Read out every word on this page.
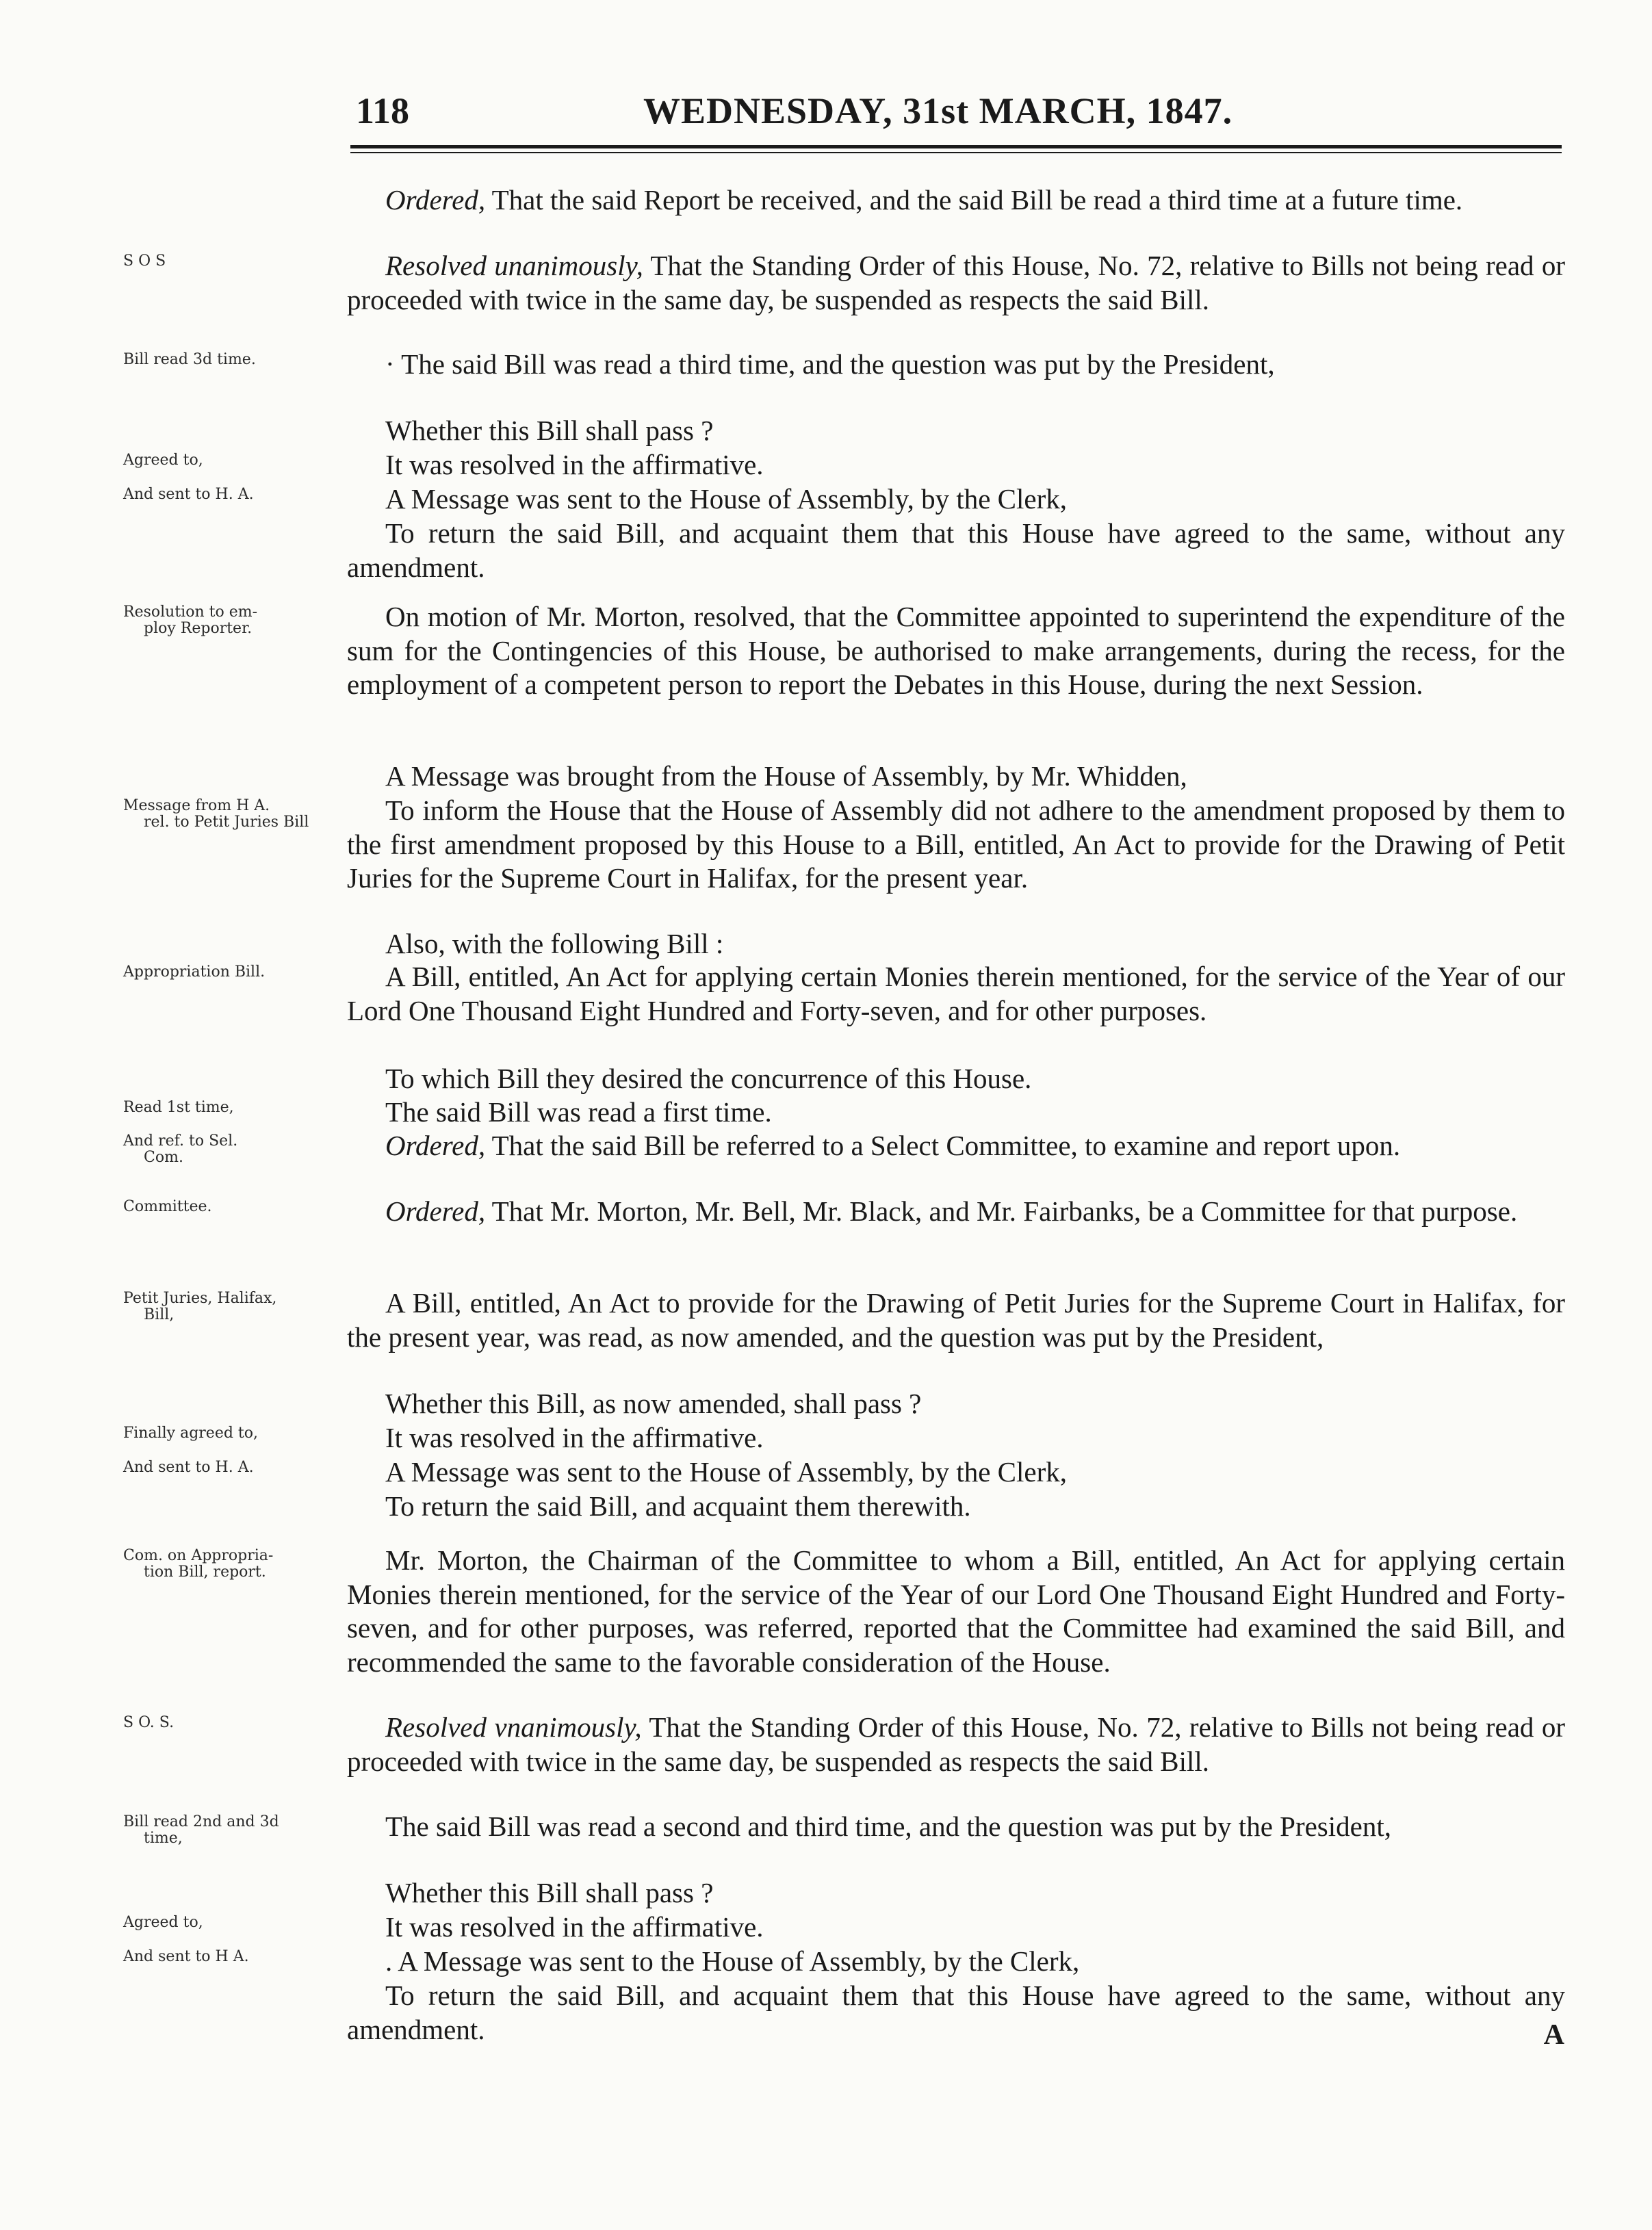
118	WEDNESDAY, 31st MARCH, 1847.

Ordered, That the said Report be received, and the said Bill be read a third time at a future time.

S O S	Resolved unanimously, That the Standing Order of this House, No. 72, relative to Bills not being read or proceeded with twice in the same day, be suspended as respects the said Bill.

Bill read 3d time.	· The said Bill was read a third time, and the question was put by the President,

Whether this Bill shall pass ?

Agreed to,	It was resolved in the affirmative.

And sent to H. A.	A Message was sent to the House of Assembly, by the Clerk,

To return the said Bill, and acquaint them that this House have agreed to the same, without any amendment.

Resolution to em-
ploy Reporter.	On motion of Mr. Morton, resolved, that the Committee appointed to superintend the expenditure of the sum for the Contingencies of this House, be authorised to make arrangements, during the recess, for the employment of a competent person to report the Debates in this House, during the next Session.

A Message was brought from the House of Assembly, by Mr. Whidden,

Message from H A.
rel. to Petit Juries Bill	To inform the House that the House of Assembly did not adhere to the amendment proposed by them to the first amendment proposed by this House to a Bill, entitled, An Act to provide for the Drawing of Petit Juries for the Supreme Court in Halifax, for the present year.

Also, with the following Bill :

Appropriation Bill.	A Bill, entitled, An Act for applying certain Monies therein mentioned, for the service of the Year of our Lord One Thousand Eight Hundred and Forty-seven, and for other purposes.

To which Bill they desired the concurrence of this House.

Read 1st time,	The said Bill was read a first time.

And ref. to Sel.
Com.	Ordered, That the said Bill be referred to a Select Committee, to examine and report upon.

Committee.	Ordered, That Mr. Morton, Mr. Bell, Mr. Black, and Mr. Fairbanks, be a Committee for that purpose.

Petit Juries, Halifax,
Bill,	A Bill, entitled, An Act to provide for the Drawing of Petit Juries for the Supreme Court in Halifax, for the present year, was read, as now amended, and the question was put by the President,

Whether this Bill, as now amended, shall pass ?

Finally agreed to,	It was resolved in the affirmative.

And sent to H. A.	A Message was sent to the House of Assembly, by the Clerk,

To return the said Bill, and acquaint them therewith.

Com. on Appropria-
tion Bill, report.	Mr. Morton, the Chairman of the Committee to whom a Bill, entitled, An Act for applying certain Monies therein mentioned, for the service of the Year of our Lord One Thousand Eight Hundred and Forty-seven, and for other purposes, was referred, reported that the Committee had examined the said Bill, and recommended the same to the favorable consideration of the House.

S O. S.	Resolved vnanimously, That the Standing Order of this House, No. 72, relative to Bills not being read or proceeded with twice in the same day, be suspended as respects the said Bill.

Bill read 2nd and 3d
time,	The said Bill was read a second and third time, and the question was put by the President,

Whether this Bill shall pass ?

Agreed to,	It was resolved in the affirmative.

And sent to H A.	. A Message was sent to the House of Assembly, by the Clerk,

To return the said Bill, and acquaint them that this House have agreed to the same, without any amendment.	A
